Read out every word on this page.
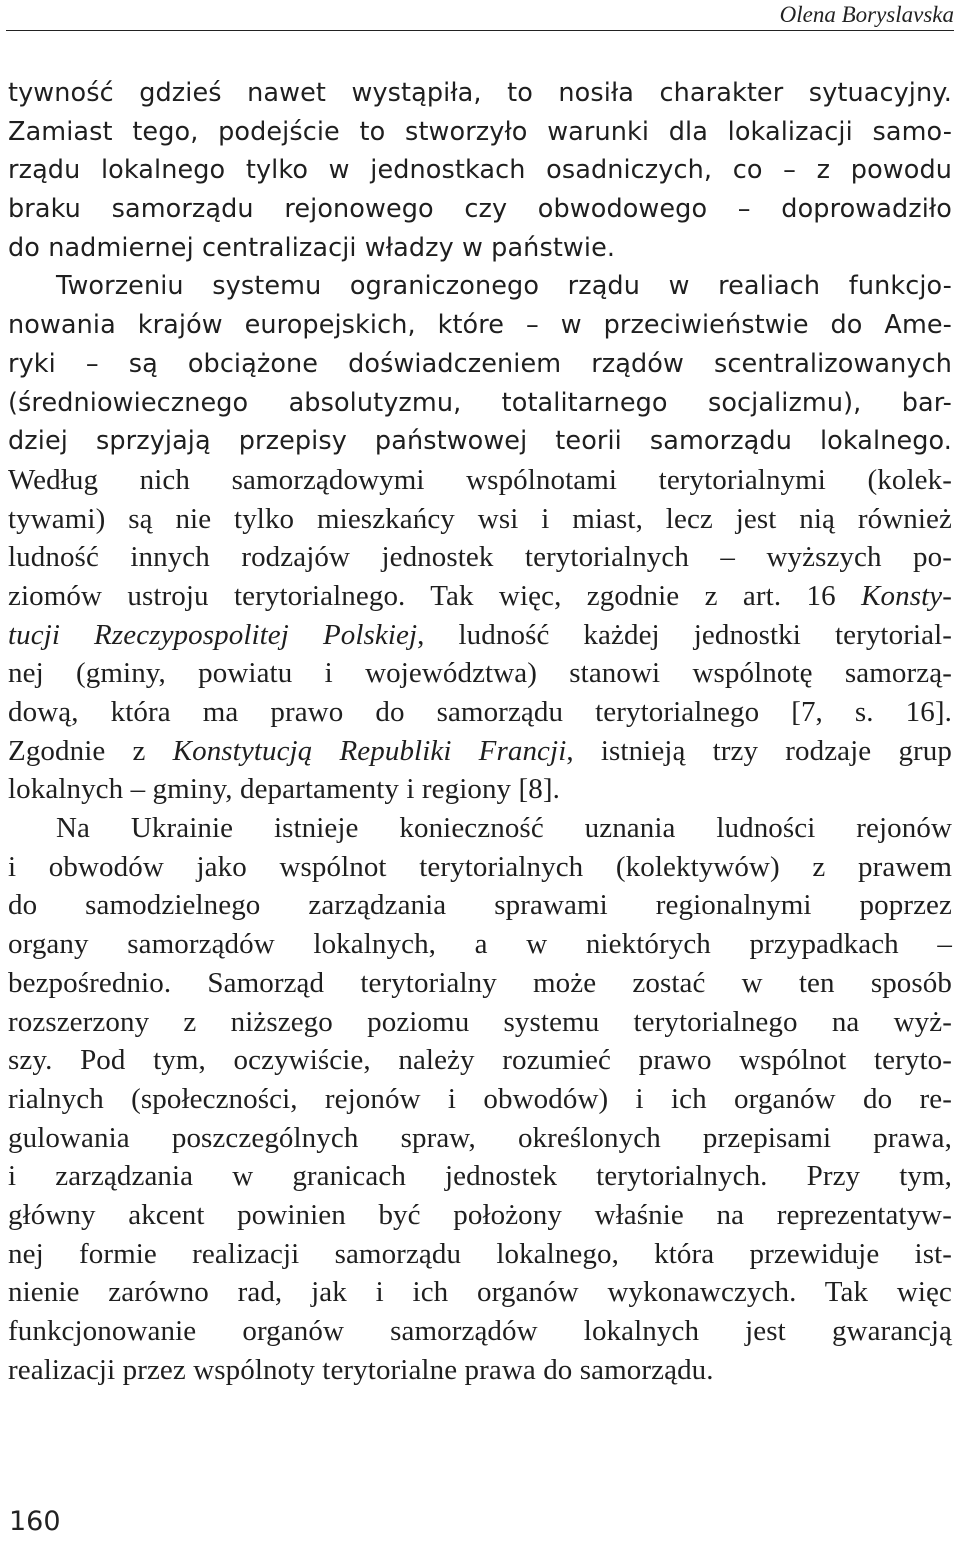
Olena Boryslavska
tywność gdzieś nawet wystąpiła, to nosiła charakter sytuacyjny.
Zamiast tego, podejście to stworzyło warunki dla lokalizacji samo-
rządu lokalnego tylko w jednostkach osadniczych, co – z powodu
braku samorządu rejonowego czy obwodowego – doprowadziło
do nadmiernej centralizacji władzy w państwie.
Tworzeniu systemu ograniczonego rządu w realiach funkcjo-
nowania krajów europejskich, które – w przeciwieństwie do Ame-
ryki – są obciążone doświadczeniem rządów scentralizowanych
(średniowiecznego absolutyzmu, totalitarnego socjalizmu), bar-
dziej sprzyjają przepisy państwowej teorii samorządu lokalnego.
Według nich samorządowymi wspólnotami terytorialnymi (kolek-
tywami) są nie tylko mieszkańcy wsi i miast, lecz jest nią również
ludność innych rodzajów jednostek terytorialnych – wyższych po-
ziomów ustroju terytorialnego. Tak więc, zgodnie z art. 16 Konsty-
tucji Rzeczypospolitej Polskiej, ludność każdej jednostki terytorial-
nej (gminy, powiatu i województwa) stanowi wspólnotę samorzą-
dową, która ma prawo do samorządu terytorialnego [7, s. 16].
Zgodnie z Konstytucją Republiki Francji, istnieją trzy rodzaje grup
lokalnych – gminy, departamenty i regiony [8].
Na Ukrainie istnieje konieczność uznania ludności rejonów
i obwodów jako wspólnot terytorialnych (kolektywów) z prawem
do samodzielnego zarządzania sprawami regionalnymi poprzez
organy samorządów lokalnych, a w niektórych przypadkach –
bezpośrednio. Samorząd terytorialny może zostać w ten sposób
rozszerzony z niższego poziomu systemu terytorialnego na wyż-
szy. Pod tym, oczywiście, należy rozumieć prawo wspólnot teryto-
rialnych (społeczności, rejonów i obwodów) i ich organów do re-
gulowania poszczególnych spraw, określonych przepisami prawa,
i zarządzania w granicach jednostek terytorialnych. Przy tym,
główny akcent powinien być położony właśnie na reprezentatyw-
nej formie realizacji samorządu lokalnego, która przewiduje ist-
nienie zarówno rad, jak i ich organów wykonawczych. Tak więc
funkcjonowanie organów samorządów lokalnych jest gwarancją
realizacji przez wspólnoty terytorialne prawa do samorządu.
160
